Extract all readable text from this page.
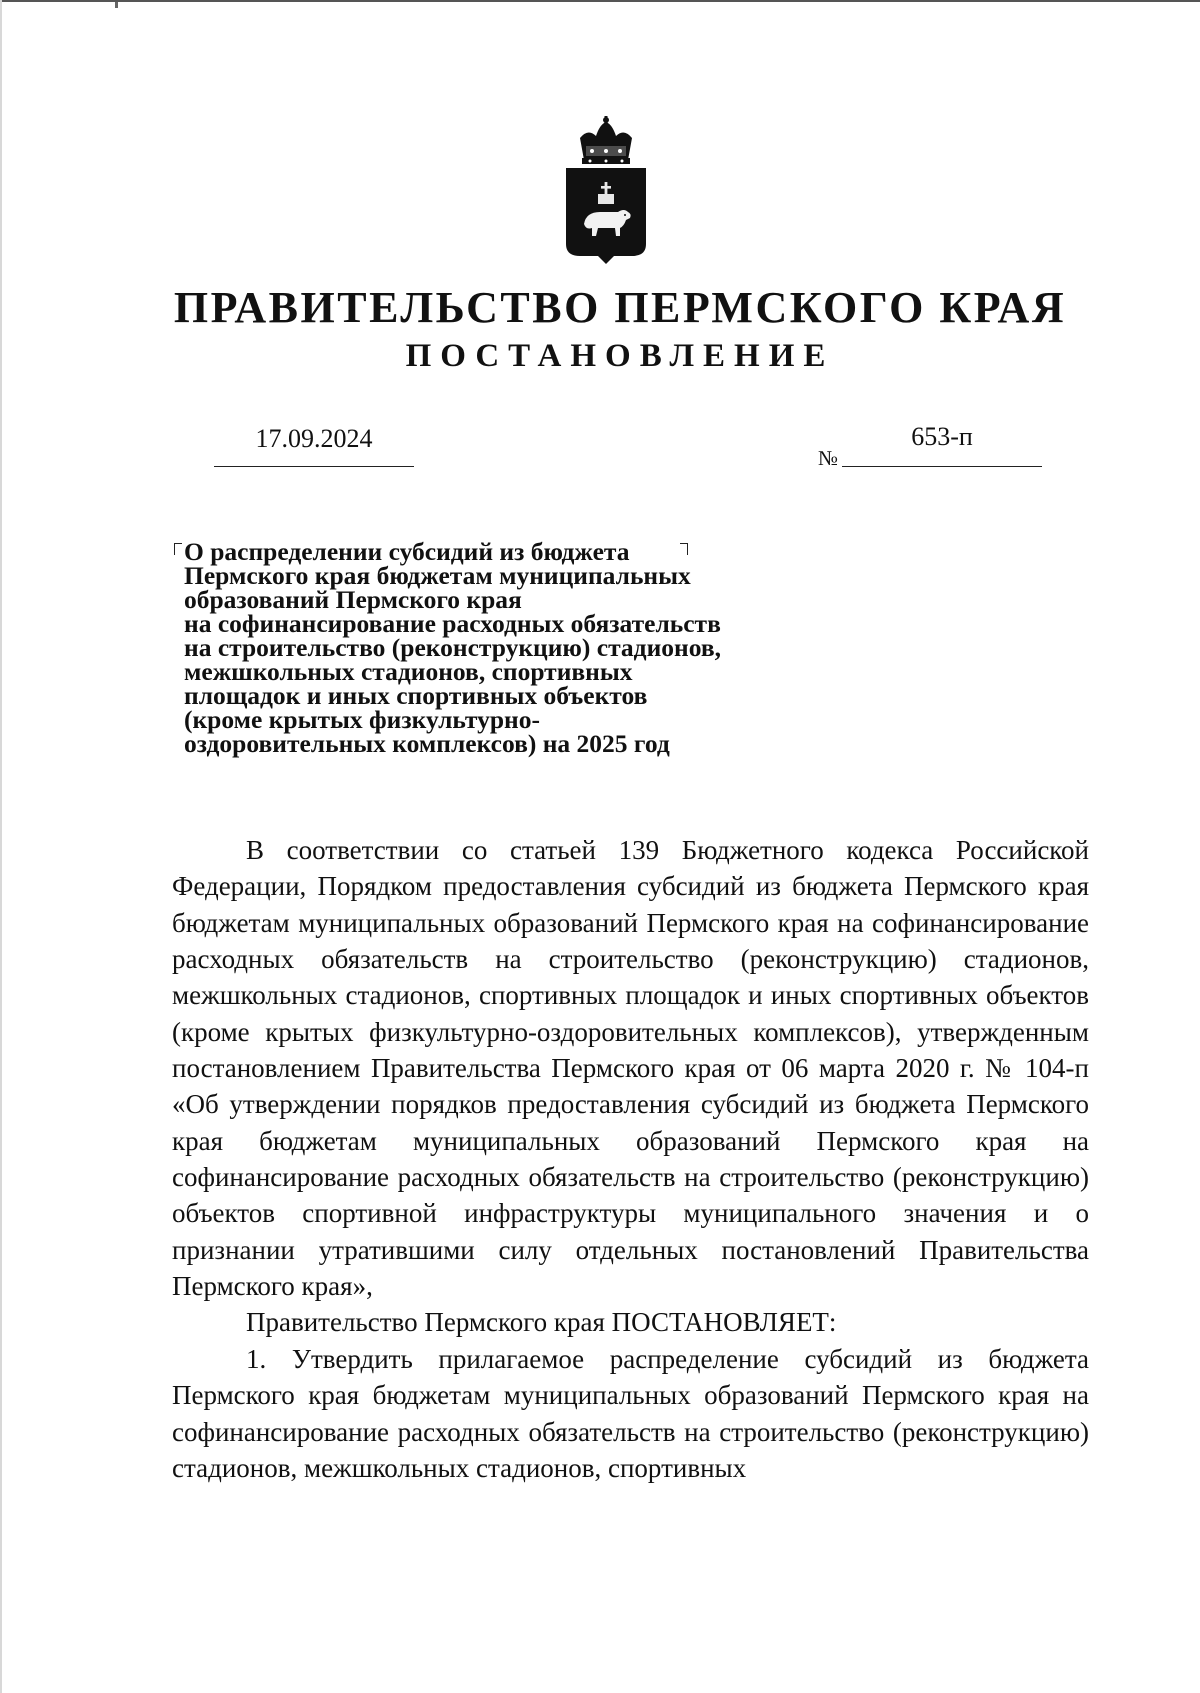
ПРАВИТЕЛЬСТВО ПЕРМСКОГО КРАЯ
ПОСТАНОВЛЕНИЕ
17.09.2024
№
653-п
О распределении субсидий из бюджета
Пермского края бюджетам муниципальных
образований Пермского края
на софинансирование расходных обязательств
на строительство (реконструкцию) стадионов,
межшкольных стадионов, спортивных
площадок и иных спортивных объектов
(кроме крытых физкультурно-
оздоровительных комплексов) на 2025 год

В соответствии со статьей 139 Бюджетного кодекса Российской Федерации, Порядком предоставления субсидий из бюджета Пермского края бюджетам муниципальных образований Пермского края на софинансирование расходных обязательств на строительство (реконструкцию) стадионов, межшкольных стадионов, спортивных площадок и иных спортивных объектов (кроме крытых физкультурно-оздоровительных комплексов), утвержденным постановлением Правительства Пермского края от 06 марта 2020 г. № 104-п «Об утверждении порядков предоставления субсидий из бюджета Пермского края бюджетам муниципальных образований Пермского края на софинансирование расходных обязательств на строительство (реконструкцию) объектов спортивной инфраструктуры муниципального значения и о признании утратившими силу отдельных постановлений Правительства Пермского края»,

Правительство Пермского края ПОСТАНОВЛЯЕТ:

1. Утвердить прилагаемое распределение субсидий из бюджета Пермского края бюджетам муниципальных образований Пермского края на софинансирование расходных обязательств на строительство (реконструкцию) стадионов, межшкольных стадионов, спортивных
